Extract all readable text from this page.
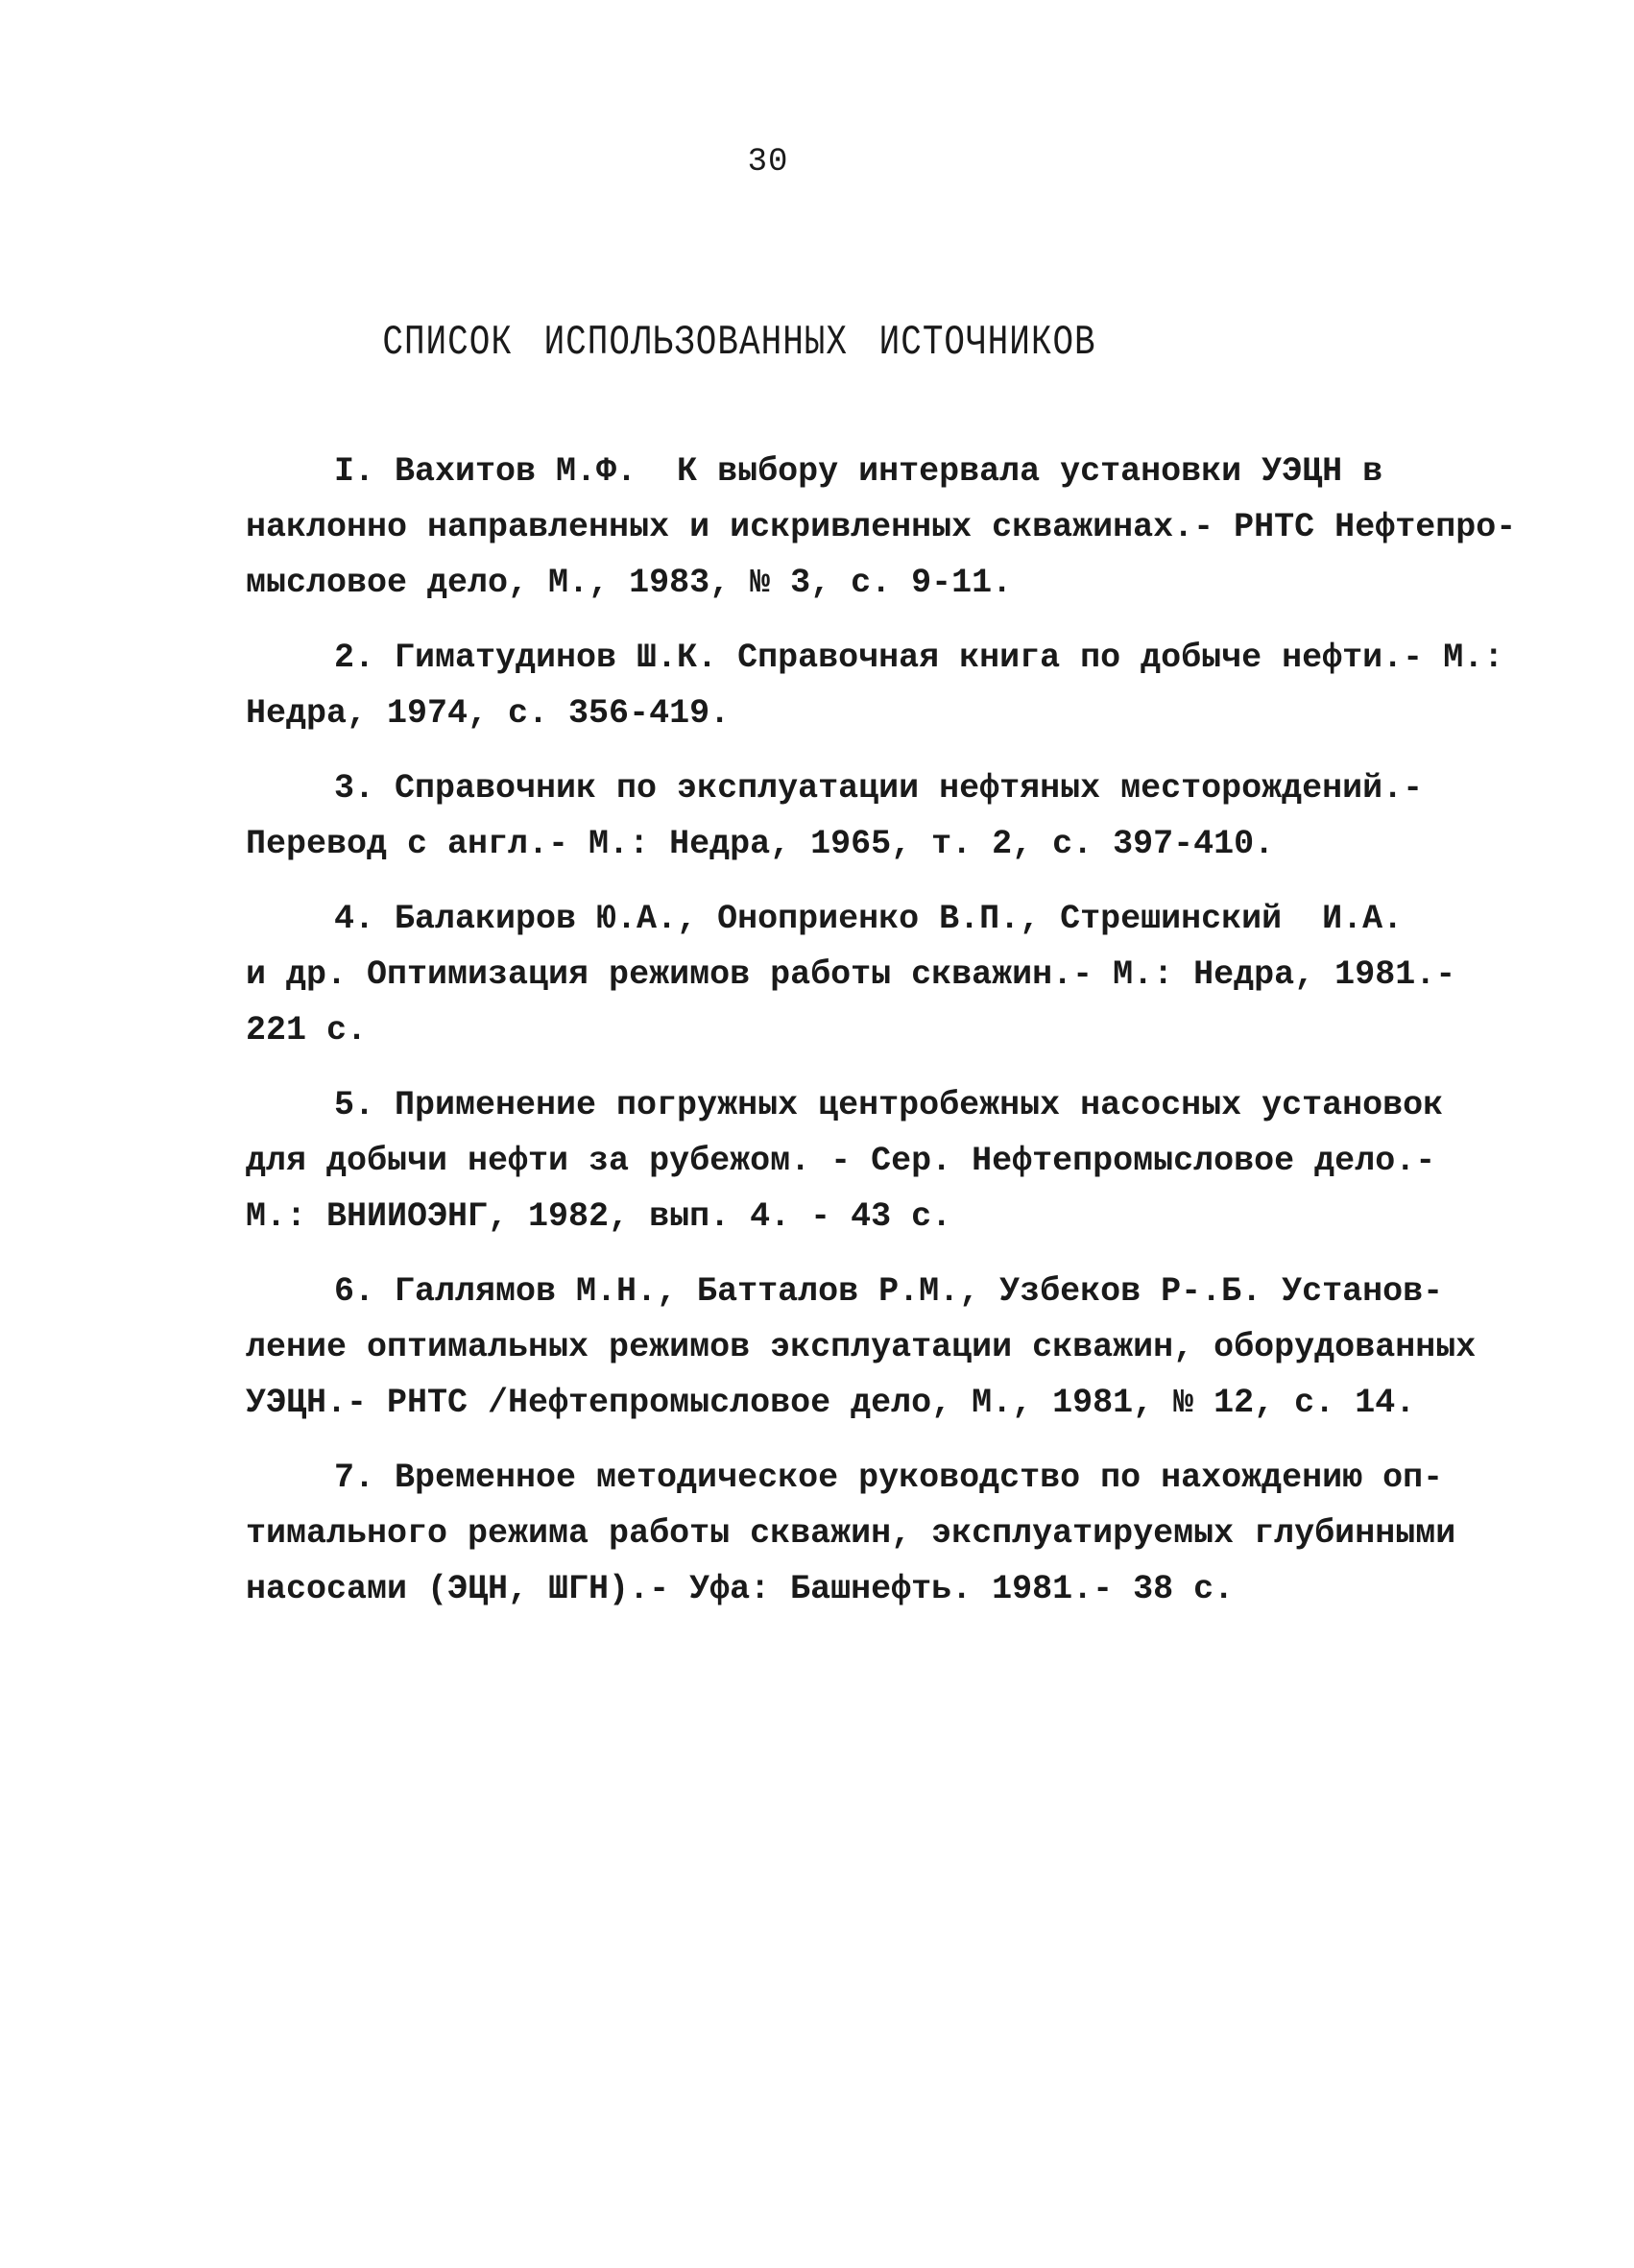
30
СПИСОК ИСПОЛЬЗОВАННЫХ ИСТОЧНИКОВ
I. Вахитов М.Ф.  К выбору интервала установки УЭЦН в
наклонно направленных и искривленных скважинах.- РНТС Нефтепро-
мысловое дело, М., 1983, № 3, с. 9-11.
2. Гиматудинов Ш.К. Справочная книга по добыче нефти.- М.:
Недра, 1974, с. 356-419.
3. Справочник по эксплуатации нефтяных месторождений.-
Перевод с англ.- М.: Недра, 1965, т. 2, с. 397-410.
4. Балакиров Ю.А., Оноприенко В.П., Стрешинский  И.А.
и др. Оптимизация режимов работы скважин.- М.: Недра, 1981.-
221 с.
5. Применение погружных центробежных насосных установок
для добычи нефти за рубежом. - Сер. Нефтепромысловое дело.-
М.: ВНИИОЭНГ, 1982, вып. 4. - 43 с.
6. Галлямов М.Н., Батталов Р.М., Узбеков Р-.Б. Установ-
ление оптимальных режимов эксплуатации скважин, оборудованных
УЭЦН.- РНТС /Нефтепромысловое дело, М., 1981, № 12, с. 14.
7. Временное методическое руководство по нахождению оп-
тимального режима работы скважин, эксплуатируемых глубинными
насосами (ЭЦН, ШГН).- Уфа: Башнефть. 1981.- 38 с.
